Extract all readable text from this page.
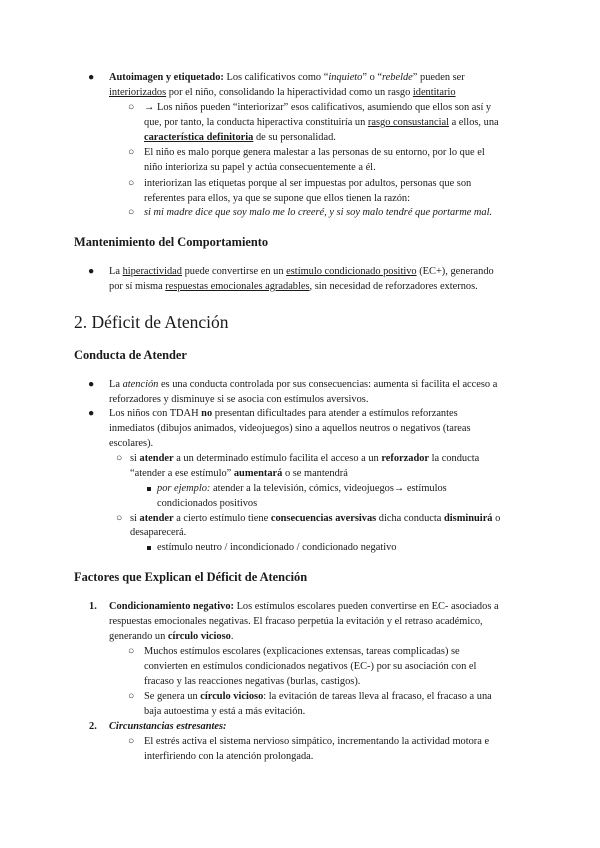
● Autoimagen y etiquetado: Los calificativos como “inquieto” o “rebelde” pueden ser
interiorizados por el niño, consolidando la hiperactividad como un rasgo identitario
○ → Los niños pueden “interiorizar” esos calificativos, asumiendo que ellos son así y
que, por tanto, la conducta hiperactiva constituiría un rasgo consustancial a ellos, una
característica definitoria de su personalidad.
○ El niño es malo porque genera malestar a las personas de su entorno, por lo que el
niño interioriza su papel y actúa consecuentemente a él.
○ interiorizan las etiquetas porque al ser impuestas por adultos, personas que son
referentes para ellos, ya que se supone que ellos tienen la razón:
○ si mi madre dice que soy malo me lo creeré, y si soy malo tendré que portarme mal.
Mantenimiento del Comportamiento
● La hiperactividad puede convertirse en un estímulo condicionado positivo (EC+), generando
por sí misma respuestas emocionales agradables, sin necesidad de reforzadores externos.
2. Déficit de Atención
Conducta de Atender
● La atención es una conducta controlada por sus consecuencias: aumenta si facilita el acceso a
reforzadores y disminuye si se asocia con estímulos aversivos.
● Los niños con TDAH no presentan dificultades para atender a estímulos reforzantes
inmediatos (dibujos animados, videojuegos) sino a aquellos neutros o negativos (tareas
escolares).
○ si atender a un determinado estímulo facilita el acceso a un reforzador la conducta
“atender a ese estímulo” aumentará o se mantendrá
por ejemplo: atender a la televisión, cómics, videojuegos→ estímulos
condicionados positivos
○ si atender a cierto estímulo tiene consecuencias aversivas dicha conducta disminuirá o
desaparecerá.
estímulo neutro / incondicionado / condicionado negativo
Factores que Explican el Déficit de Atención
1. Condicionamiento negativo: Los estímulos escolares pueden convertirse en EC- asociados a
respuestas emocionales negativas. El fracaso perpetúa la evitación y el retraso académico,
generando un círculo vicioso.
○ Muchos estímulos escolares (explicaciones extensas, tareas complicadas) se
convierten en estímulos condicionados negativos (EC-) por su asociación con el
fracaso y las reacciones negativas (burlas, castigos).
○ Se genera un círculo vicioso: la evitación de tareas lleva al fracaso, el fracaso a una
baja autoestima y está a más evitación.
2. Circunstancias estresantes:
○ El estrés activa el sistema nervioso simpático, incrementando la actividad motora e
interfiriendo con la atención prolongada.
